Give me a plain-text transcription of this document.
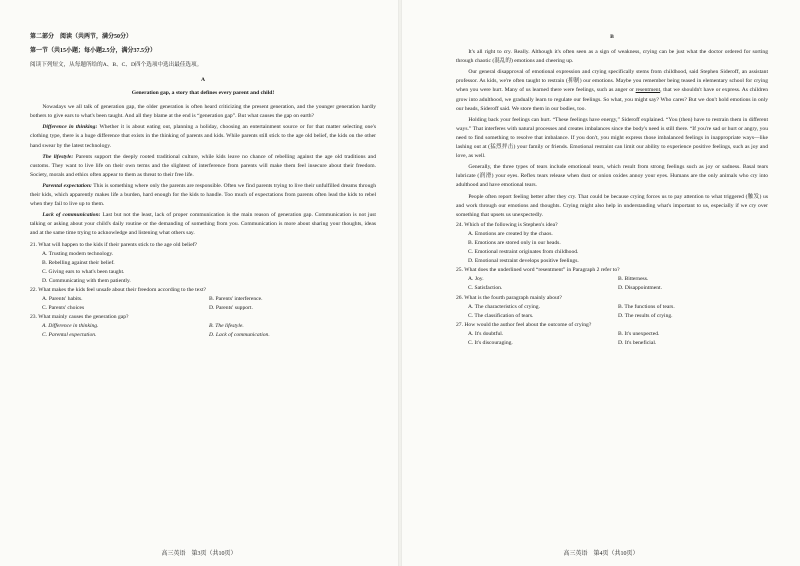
第二部分　阅读（共两节，满分50分）

第一节（共15小题；每小题2.5分，满分37.5分）

阅读下列短文，从每题所给的A、B、C、D四个选项中选出最佳选项。

A

Generation gap, a story that defines every parent and child!

Nowadays we all talk of generation gap, the older generation is often heard criticizing the present generation, and the younger generation hardly bothers to give ears to what's been taught. And all they blame at the end is “generation gap”. But what causes the gap on earth?

Difference in thinking: Whether it is about eating out, planning a holiday, choosing an entertainment source or for that matter selecting one's clothing type, there is a huge difference that exists in the thinking of parents and kids. While parents still stick to the age old belief, the kids on the other hand swear by the latest technology.

The lifestyle: Parents support the deeply rooted traditional culture, while kids leave no chance of rebelling against the age old traditions and customs. They want to live life on their own terms and the slightest of interference from parents will make them feel insecure about their freedom. Society, morals and ethics often appear to them as threat to their free life.

Parental expectation: This is something where only the parents are responsible. Often we find parents trying to live their unfulfilled dreams through their kids, which apparently makes life a burden, hard enough for the kids to handle. Too much of expectations from parents often lead the kids to rebel when they fail to live up to them.

Lack of communication: Last but not the least, lack of proper communication is the main reason of generation gap. Communication is not just talking or asking about your child's daily routine or the demanding of something from you. Communication is more about sharing your thoughts, ideas and at the same time trying to acknowledge and listening what others say.

21. What will happen to the kids if their parents stick to the age old belief?

A. Trusting modern technology.

B. Rebelling against their belief.

C. Giving ears to what's been taught.

D. Communicating with them patiently.

22. What makes the kids feel unsafe about their freedom according to the text?

A. Parents' habits.	B. Parents' interference.
C. Parents' choices	D. Parents' support.

23. What mainly causes the generation gap?

A. Difference in thinking.	B. The lifestyle.
C. Parental expectation.	D. Lack of communication.

高三英语　第3页（共10页）

B

It's all right to cry. Really. Although it's often seen as a sign of weakness, crying can be just what the doctor ordered for sorting through chaotic (混乱的) emotions and cheering up.

Our general disapproval of emotional expression and crying specifically stems from childhood, said Stephen Sideroff, an assistant professor. As kids, we're often taught to restrain (抑制) our emotions. Maybe you remember being teased in elementary school for crying when you were hurt. Many of us learned there were feelings, such as anger or resentment, that we shouldn't have or express. As children grow into adulthood, we gradually learn to regulate our feelings. So what, you might say? Who cares? But we don't hold emotions in only our heads, Sideroff said. We store them in our bodies, too.

Holding back your feelings can hurt. “These feelings have energy,” Sideroff explained. “You (then) have to restrain them in different ways.” That interferes with natural processes and creates imbalances since the body's need is still there. “If you're sad or hurt or angry, you need to find something to resolve that imbalance. If you don't, you might express those imbalanced feelings in inappropriate ways—like lashing out at (猛烈抨击) your family or friends. Emotional restraint can limit our ability to experience positive feelings, such as joy and love, as well.

Generally, the three types of tears include emotional tears, which result from strong feelings such as joy or sadness. Basal tears lubricate (润滑) your eyes. Reflex tears release when dust or onion oxides annoy your eyes. Humans are the only animals who cry into adulthood and have emotional tears.

People often report feeling better after they cry. That could be because crying forces us to pay attention to what triggered (触发) us and work through our emotions and thoughts. Crying might also help in understanding what's important to us, especially if we cry over something that upsets us unexpectedly.

24. Which of the following is Stephen's idea?

A. Emotions are created by the chaos.

B. Emotions are stored only in our heads.

C. Emotional restraint originates from childhood.

D. Emotional restraint develops positive feelings.

25. What does the underlined word “resentment” in Paragraph 2 refer to?

A. Joy.	B. Bitterness.
C. Satisfaction.	D. Disappointment.

26. What is the fourth paragraph mainly about?

A. The characteristics of crying.	B. The functions of tears.
C. The classification of tears.	D. The results of crying.

27. How would the author feel about the outcome of crying?

A. It's doubtful.	B. It's unexpected.
C. It's discouraging.	D. It's beneficial.

高三英语　第4页（共10页）
